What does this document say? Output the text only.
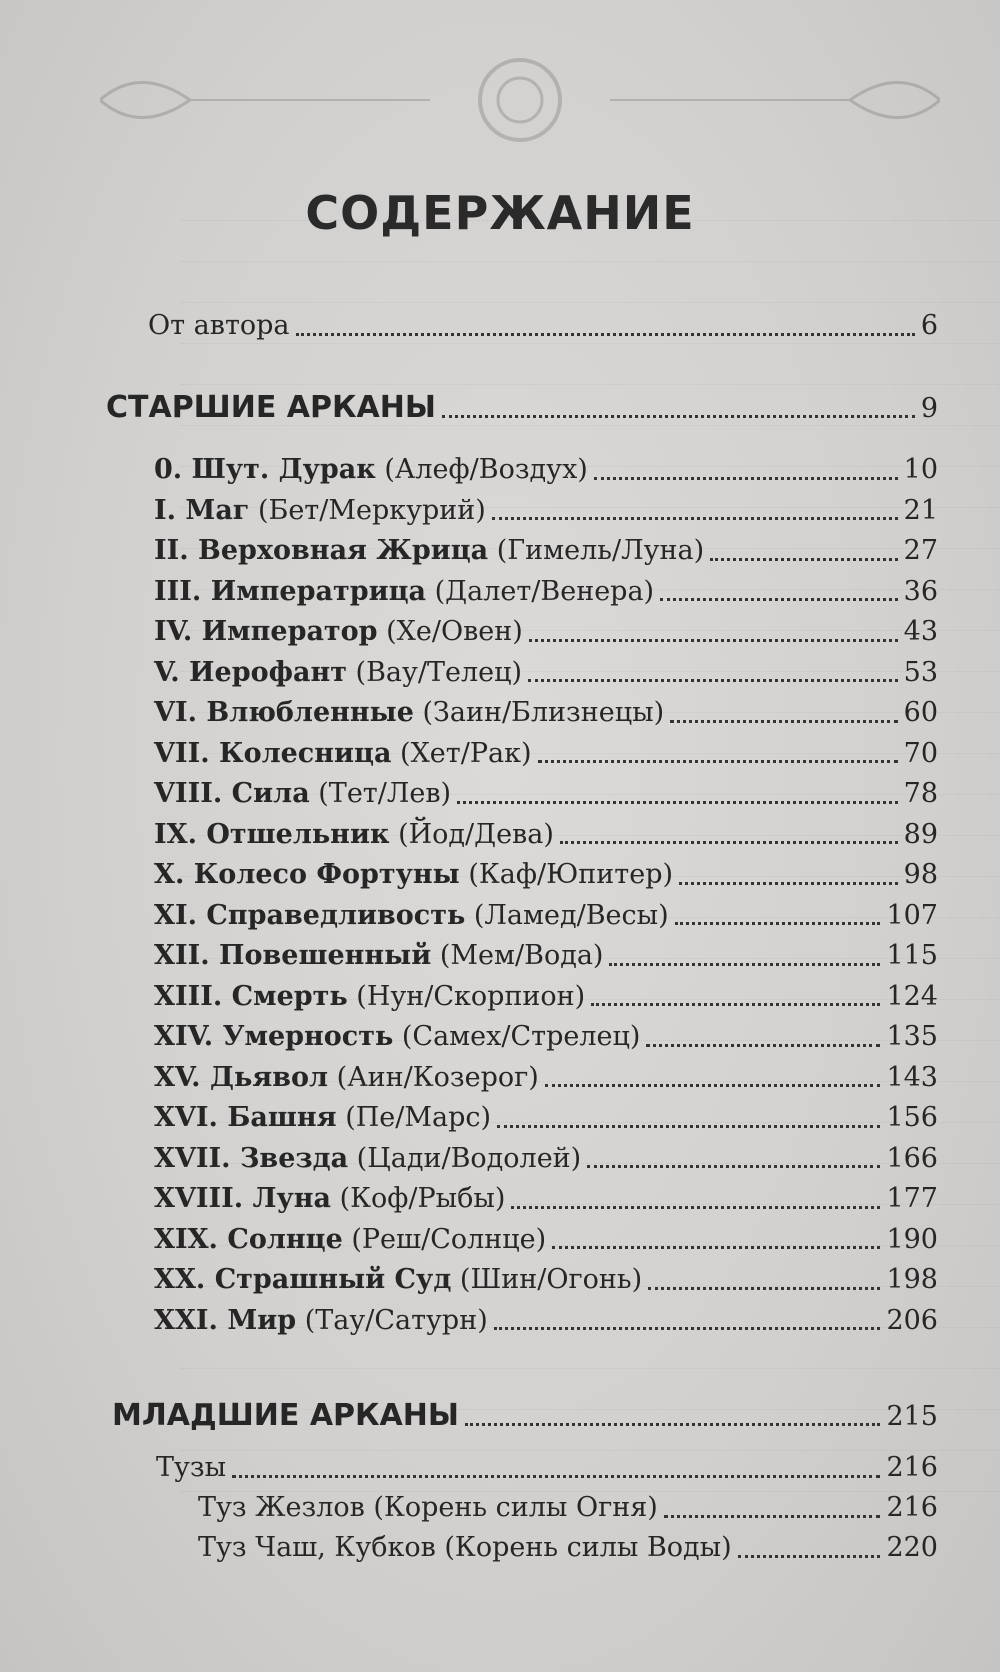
СОДЕРЖАНИЕ
От автора	6
СТАРШИЕ АРКАНЫ	9
0. Шут. Дурак (Алеф/Воздух)	10
I. Маг (Бет/Меркурий)	21
II. Верховная Жрица (Гимель/Луна)	27
III. Императрица (Далет/Венера)	36
IV. Император (Хе/Овен)	43
V. Иерофант (Вау/Телец)	53
VI. Влюбленные (Заин/Близнецы)	60
VII. Колесница (Хет/Рак)	70
VIII. Сила (Тет/Лев)	78
IX. Отшельник (Йод/Дева)	89
X. Колесо Фортуны (Каф/Юпитер)	98
XI. Справедливость (Ламед/Весы)	107
XII. Повешенный (Мем/Вода)	115
XIII. Смерть (Нун/Скорпион)	124
XIV. Умерность (Самех/Стрелец)	135
XV. Дьявол (Аин/Козерог)	143
XVI. Башня (Пе/Марс)	156
XVII. Звезда (Цади/Водолей)	166
XVIII. Луна (Коф/Рыбы)	177
XIX. Солнце (Реш/Солнце)	190
XX. Страшный Суд (Шин/Огонь)	198
XXI. Мир (Тау/Сатурн)	206
МЛАДШИЕ АРКАНЫ	215
Тузы	216
Туз Жезлов (Корень силы Огня)	216
Туз Чаш, Кубков (Корень силы Воды)	220
